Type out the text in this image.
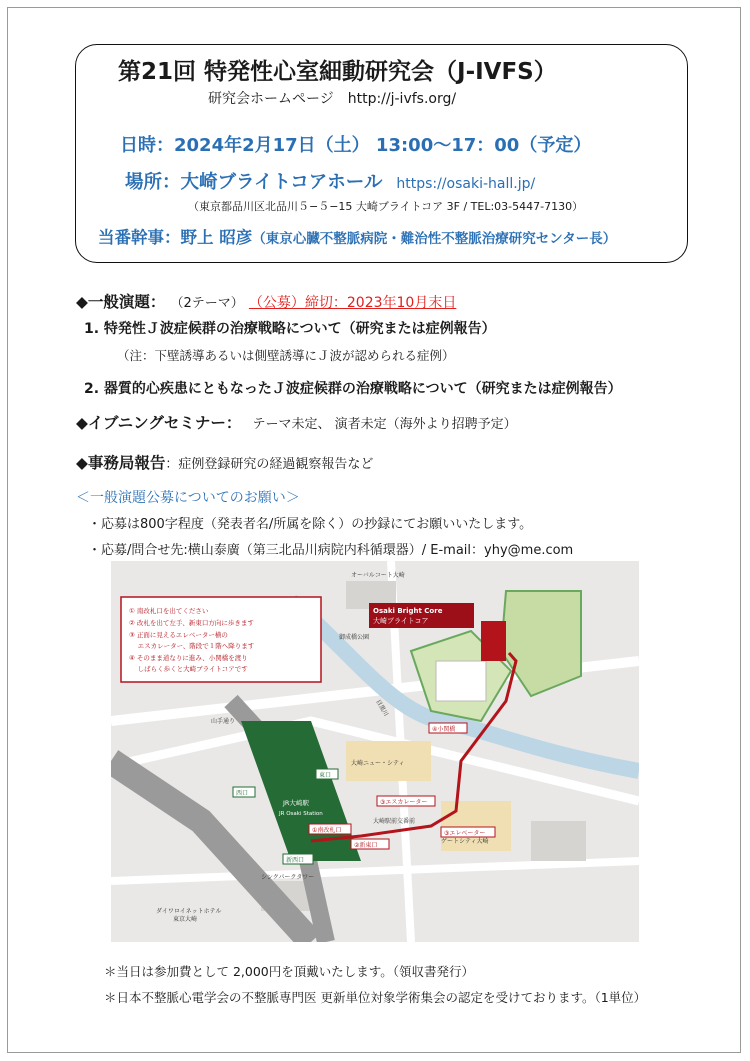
第21回 特発性心室細動研究会（J-IVFS）
研究会ホームページ　http://j-ivfs.org/
日時：2024年2月17日（土） 13:00～17：00（予定）
場所：大崎ブライトコアホール https://osaki-hall.jp/
（東京都品川区北品川５−５−15 大崎ブライトコア 3F / TEL:03-5447-7130）
当番幹事：野上 昭彦（東京心臓不整脈病院・難治性不整脈治療研究センター長）
◆一般演題： （2テーマ） （公募）締切：2023年10月末日
1. 特発性Ｊ波症候群の治療戦略について（研究または症例報告）
（注：下壁誘導あるいは側壁誘導にＪ波が認められる症例）
2. 器質的心疾患にともなったＪ波症候群の治療戦略について（研究または症例報告）
◆イブニングセミナー： テーマ未定、 演者未定（海外より招聘予定）
◆事務局報告：症例登録研究の経過観察報告など
＜一般演題公募についてのお願い＞
・応募は800字程度（発表者名/所属を除く）の抄録にてお願いいたします。
・応募/問合せ先:横山泰廣（第三北品川病院内科循環器）/ E-mail：yhy@me.com
① 南改札口を出てください
② 改札を出て左手、新東口方向に歩きます
③ 正面に見えるエレベーター横の
　 エスカレーター、階段で１階へ降ります
④ そのまま道なりに進み、小関橋を渡り
　 しばらく歩くと大崎ブライトコアです
Osaki Bright Core
大崎ブライトコア
オーバルコート大崎
御成橋公園
目黒川
大崎ニュー・シティ
ゲートシティ大崎
大崎駅前交番前
シンクパークタワー
山手通り
ダイワロイネットホテル
東京大崎
JR大崎駅
JR Osaki Station
東口
西口
新西口
①南改札口
②新東口
③エスカレーター
③エレベーター
④小関橋
＊当日は参加費として 2,000円を頂戴いたします。（領収書発行）
＊日本不整脈心電学会の不整脈専門医 更新単位対象学術集会の認定を受けております。（1単位）
